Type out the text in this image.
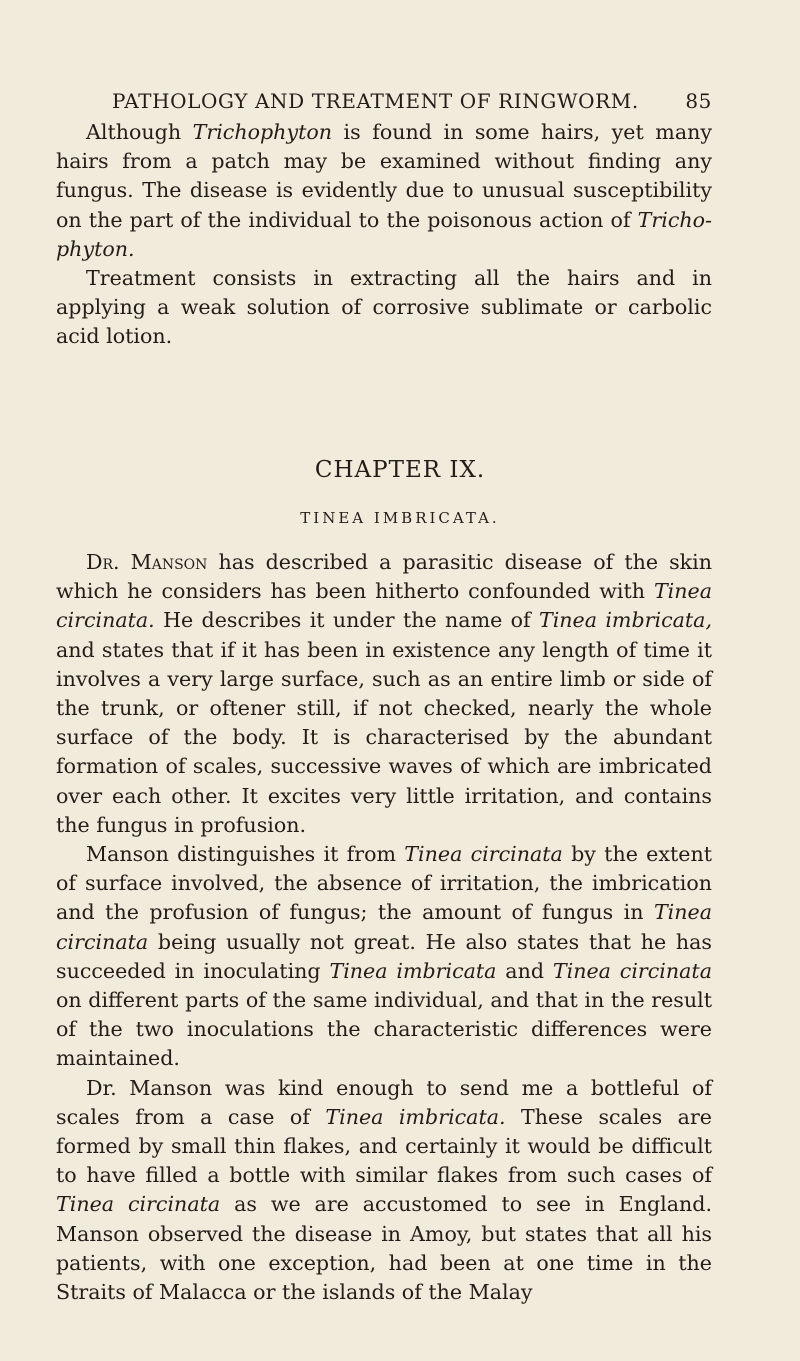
PATHOLOGY AND TREATMENT OF RINGWORM. 85

Although Trichophyton is found in some hairs, yet many hairs from a patch may be examined without finding any fungus. The disease is evidently due to unusual susceptibility on the part of the individual to the poisonous action of Tricho-phyton.

Treatment consists in extracting all the hairs and in applying a weak solution of corrosive sublimate or carbolic acid lotion.

CHAPTER IX.
TINEA IMBRICATA.

Dr. Manson has described a parasitic disease of the skin which he considers has been hitherto confounded with Tinea circinata. He describes it under the name of Tinea imbricata, and states that if it has been in existence any length of time it involves a very large surface, such as an entire limb or side of the trunk, or oftener still, if not checked, nearly the whole surface of the body. It is characterised by the abundant formation of scales, successive waves of which are imbricated over each other. It excites very little irritation, and contains the fungus in profusion.

Manson distinguishes it from Tinea circinata by the extent of surface involved, the absence of irritation, the imbrication and the profusion of fungus; the amount of fungus in Tinea circinata being usually not great. He also states that he has succeeded in inoculating Tinea imbricata and Tinea circinata on different parts of the same individual, and that in the result of the two inoculations the characteristic differences were maintained.

Dr. Manson was kind enough to send me a bottleful of scales from a case of Tinea imbricata. These scales are formed by small thin flakes, and certainly it would be difficult to have filled a bottle with similar flakes from such cases of Tinea circinata as we are accustomed to see in England. Manson observed the disease in Amoy, but states that all his patients, with one exception, had been at one time in the Straits of Malacca or the islands of the Malay
